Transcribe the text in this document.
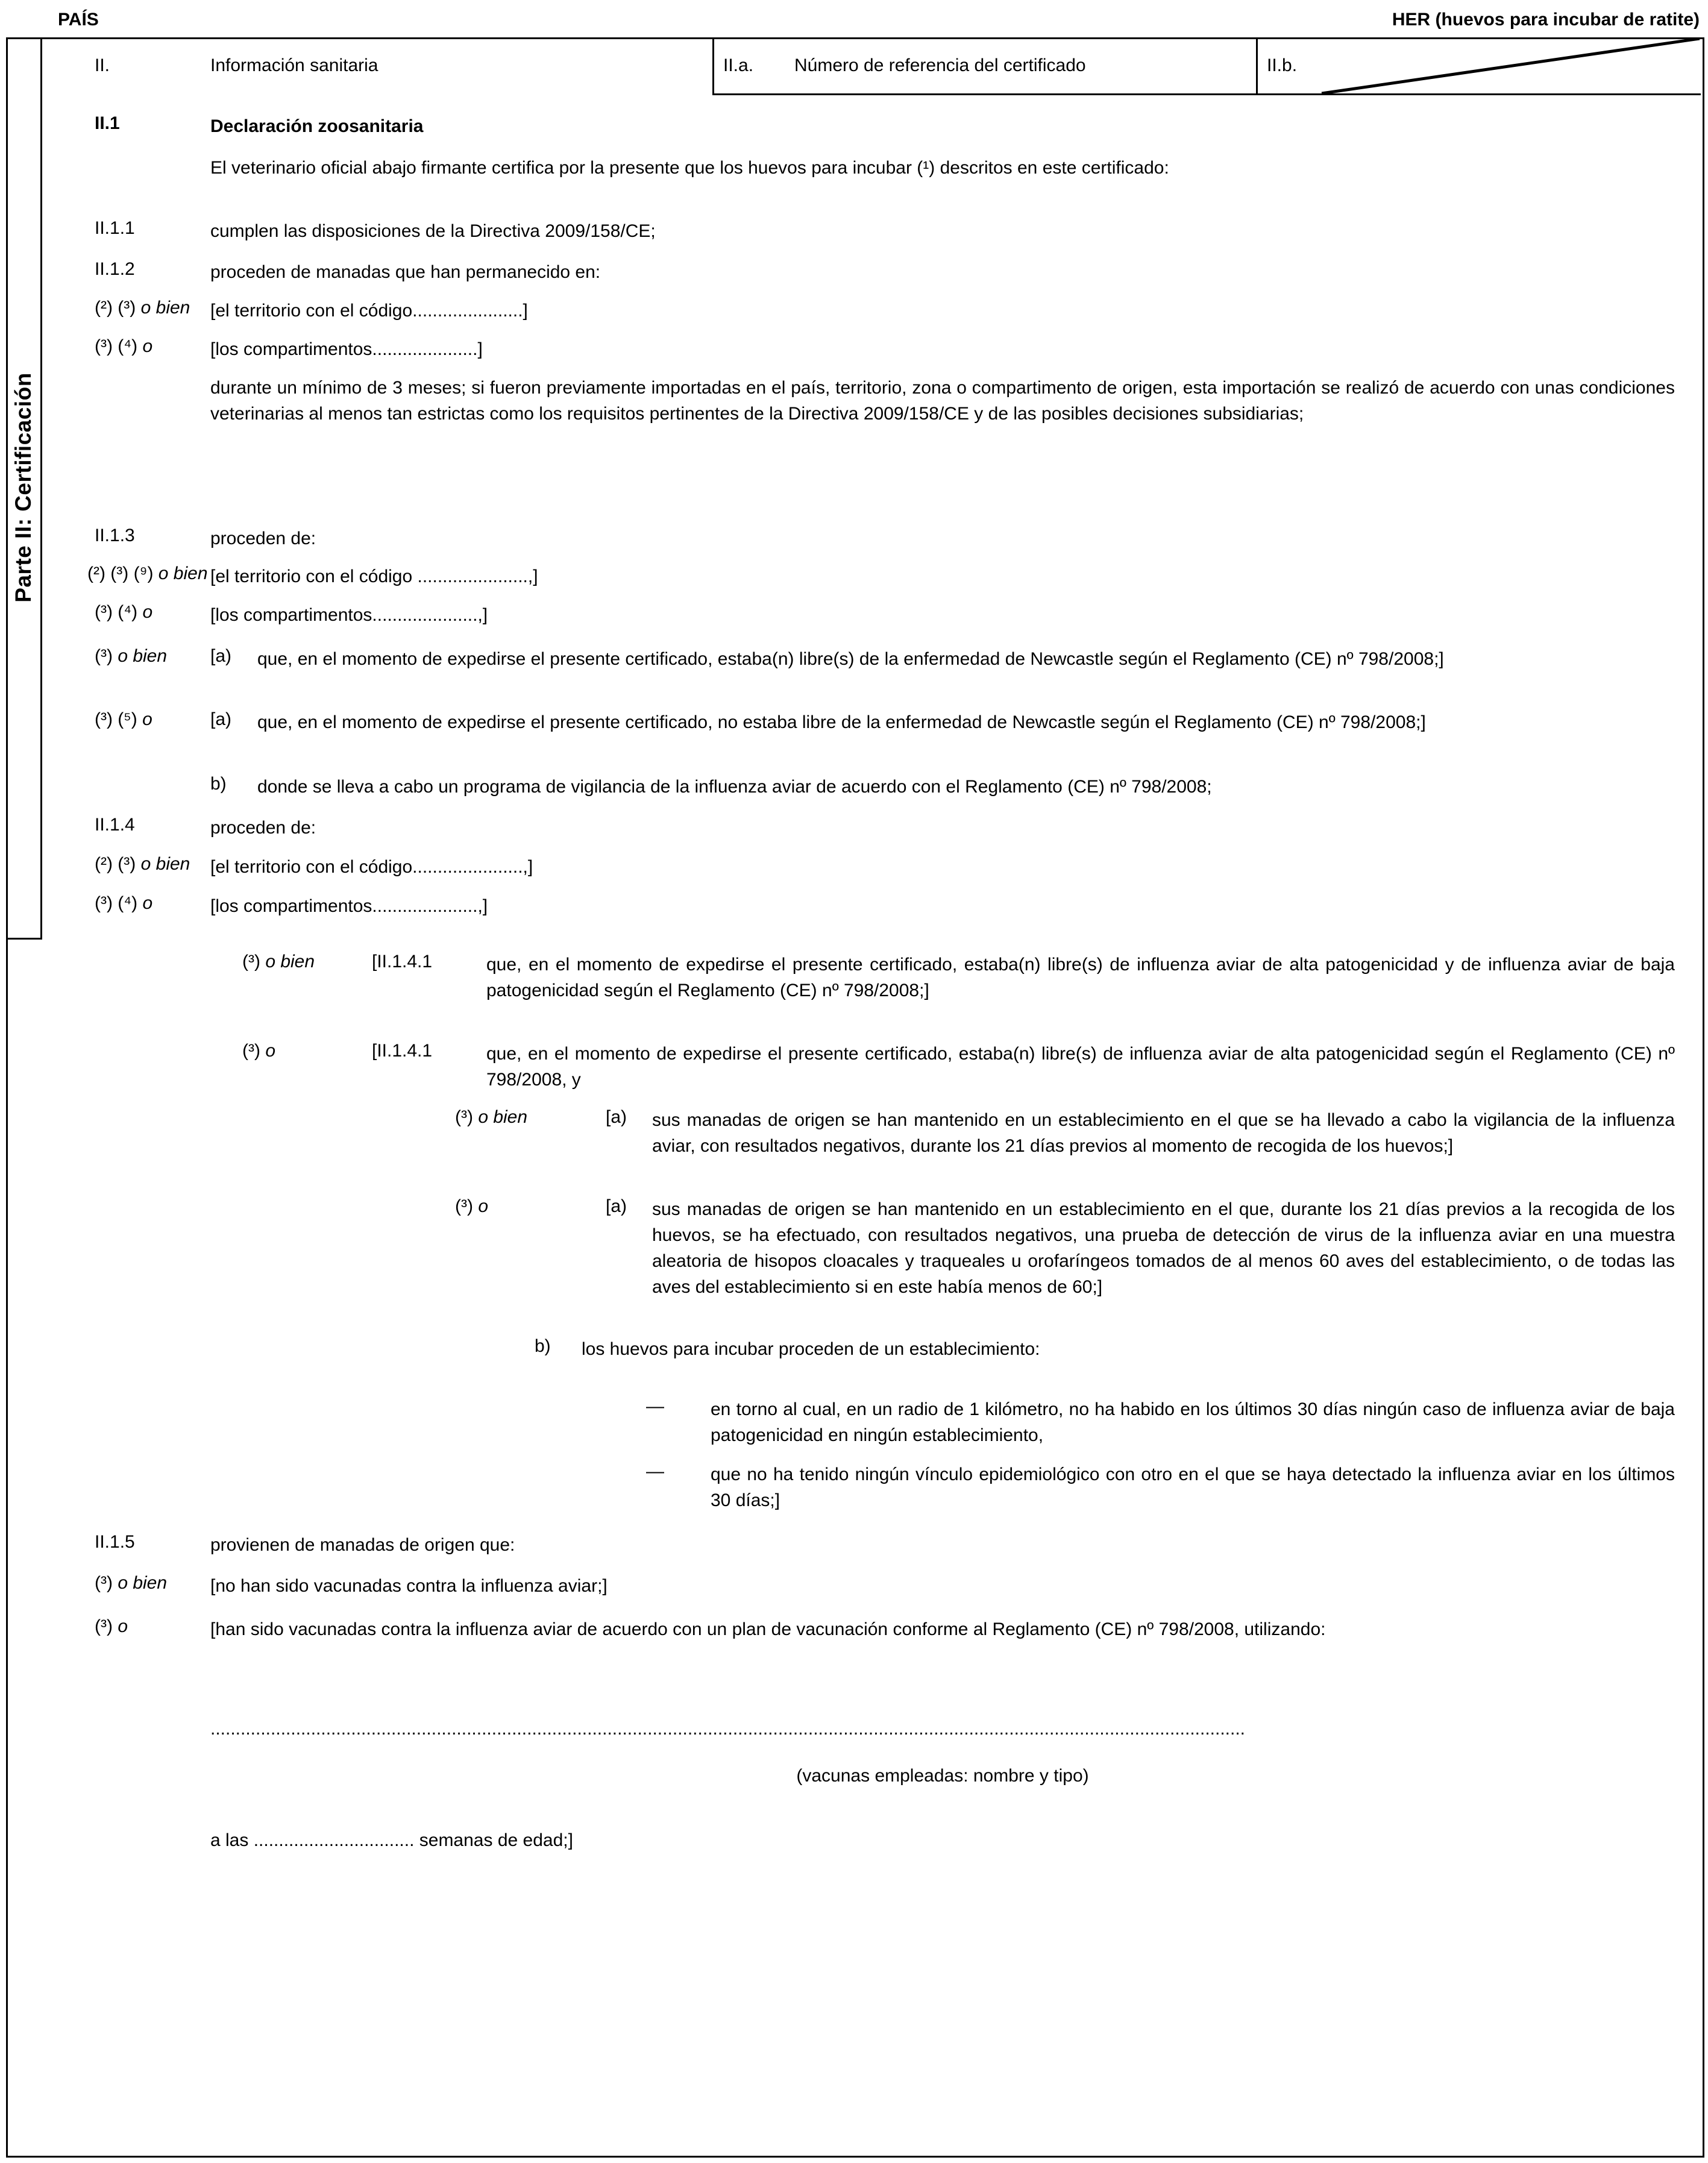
PAÍS	HER (huevos para incubar de ratite)
Parte II: Certificación
II.	Información sanitaria	II.a. Número de referencia del certificado	II.b.
II.1	Declaración zoosanitaria
El veterinario oficial abajo firmante certifica por la presente que los huevos para incubar (¹) descritos en este certificado:
II.1.1	cumplen las disposiciones de la Directiva 2009/158/CE;
II.1.2	proceden de manadas que han permanecido en:
(²) (³) o bien [el territorio con el código......................]
(³) (⁴) o	[los compartimentos.....................]
durante un mínimo de 3 meses; si fueron previamente importadas en el país, territorio, zona o compartimento de origen, esta importación se realizó de acuerdo con unas condiciones veterinarias al menos tan estrictas como los requisitos pertinentes de la Directiva 2009/158/CE y de las posibles decisiones subsidiarias;
II.1.3	proceden de:
(²) (³) (⁹) o bien [el territorio con el código ......................,]
(³) (⁴) o	[los compartimentos.....................,]
(³) o bien [a) que, en el momento de expedirse el presente certificado, estaba(n) libre(s) de la enfermedad de Newcastle según el Reglamento (CE) nº 798/2008;]
(³) (⁵) o	[a) que, en el momento de expedirse el presente certificado, no estaba libre de la enfermedad de Newcastle según el Reglamento (CE) nº 798/2008;]
b) donde se lleva a cabo un programa de vigilancia de la influenza aviar de acuerdo con el Reglamento (CE) nº 798/2008;
II.1.4	proceden de:
(²) (³) o bien [el territorio con el código......................,]
(³) (⁴) o	[los compartimentos.....................,]
(³) o bien	[II.1.4.1	que, en el momento de expedirse el presente certificado, estaba(n) libre(s) de influenza aviar de alta patogenicidad y de influenza aviar de baja patogenicidad según el Reglamento (CE) nº 798/2008;]
(³) o	[II.1.4.1	que, en el momento de expedirse el presente certificado, estaba(n) libre(s) de influenza aviar de alta patogenicidad según el Reglamento (CE) nº 798/2008, y
(³) o bien	[a) sus manadas de origen se han mantenido en un establecimiento en el que se ha llevado a cabo la vigilancia de la influenza aviar, con resultados negativos, durante los 21 días previos al momento de recogida de los huevos;]
(³) o	[a) sus manadas de origen se han mantenido en un establecimiento en el que, durante los 21 días previos a la recogida de los huevos, se ha efectuado, con resultados negativos, una prueba de detección de virus de la influenza aviar en una muestra aleatoria de hisopos cloacales y traqueales u orofaríngeos tomados de al menos 60 aves del establecimiento, o de todas las aves del establecimiento si en este había menos de 60;]
b) los huevos para incubar proceden de un establecimiento:
—	en torno al cual, en un radio de 1 kilómetro, no ha habido en los últimos 30 días ningún caso de influenza aviar de baja patogenicidad en ningún establecimiento,
—	que no ha tenido ningún vínculo epidemiológico con otro en el que se haya detectado la influenza aviar en los últimos 30 días;]
II.1.5	provienen de manadas de origen que:
(³) o bien [no han sido vacunadas contra la influenza aviar;]
(³) o	[han sido vacunadas contra la influenza aviar de acuerdo con un plan de vacunación conforme al Reglamento (CE) nº 798/2008, utilizando:
..............................................................................................................................................................................................................
(vacunas empleadas: nombre y tipo)
a las ................................ semanas de edad;]
